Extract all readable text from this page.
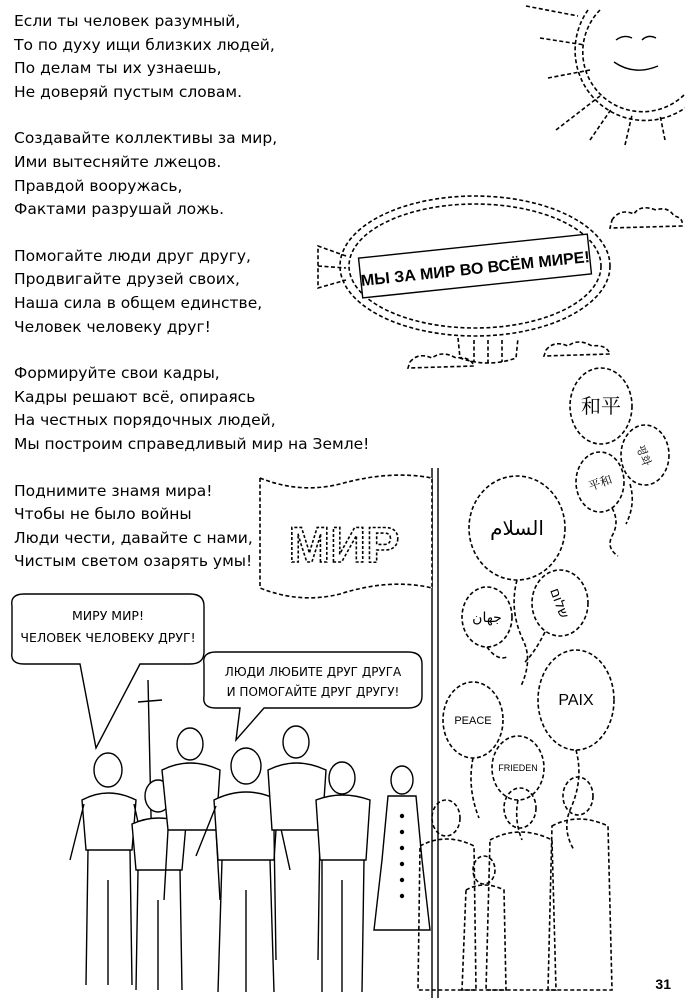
Если ты человек разумный,
То по духу ищи близких людей,
По делам ты их узнаешь,
Не доверяй пустым словам.
Создавайте коллективы за мир,
Ими вытесняйте лжецов.
Правдой вооружась,
Фактами разрушай ложь.
Помогайте люди друг другу,
Продвигайте друзей своих,
Наша сила в общем единстве,
Человек человеку друг!
Формируйте свои кадры,
Кадры решают всё, опираясь
На честных порядочных людей,
Мы построим справедливый мир на Земле!
Поднимите знамя мира!
Чтобы не было войны
Люди чести, давайте с нами,
Чистым светом озарять умы!
МЫ ЗА МИР ВО ВСЁМ МИРЕ!
和平
平和
평화
МИР	السلام
جهان	שלום
PAIX
PEACE
FRIEDEN
МИРУ МИР!
ЧЕЛОВЕК ЧЕЛОВЕКУ ДРУГ!
ЛЮДИ ЛЮБИТЕ ДРУГ ДРУГА
И ПОМОГАЙТЕ ДРУГ ДРУГУ!
31
